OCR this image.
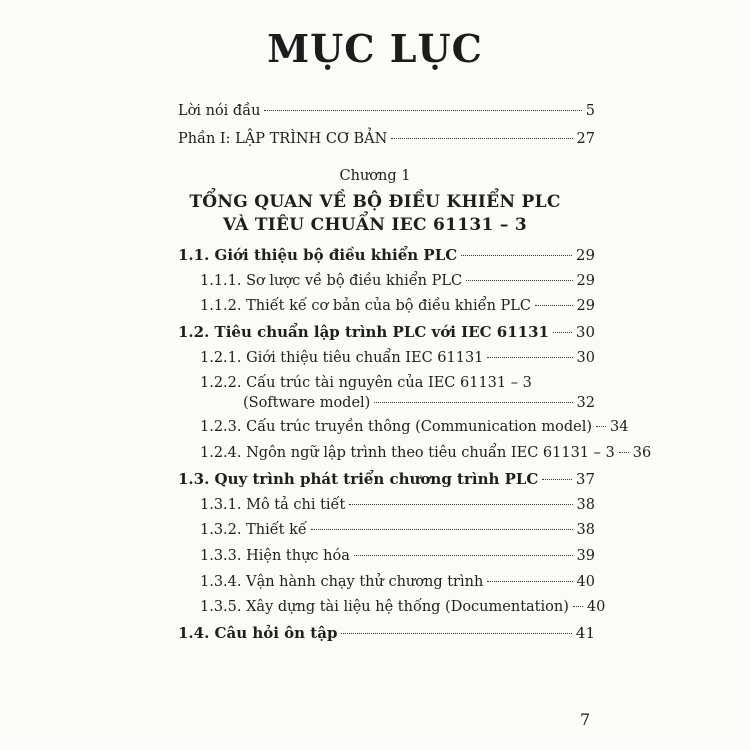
MỤC LỤC
Lời nói đầu	5
Phần I: LẬP TRÌNH CƠ BẢN	27
Chương 1
TỔNG QUAN VỀ BỘ ĐIỀU KHIỂN PLC
VÀ TIÊU CHUẨN IEC 61131 – 3
1.1. Giới thiệu bộ điều khiển PLC	29
1.1.1. Sơ lược về bộ điều khiển PLC	29
1.1.2. Thiết kế cơ bản của bộ điều khiển PLC	29
1.2. Tiêu chuẩn lập trình PLC với IEC 61131 30
1.2.1. Giới thiệu tiêu chuẩn IEC 61131	30
1.2.2. Cấu trúc tài nguyên của IEC 61131 – 3
(Software model)	32
1.2.3. Cấu trúc truyền thông (Communication model) 34
1.2.4. Ngôn ngữ lập trình theo tiêu chuẩn IEC 61131 – 3 36
1.3. Quy trình phát triển chương trình PLC	37
1.3.1. Mô tả chi tiết	38
1.3.2. Thiết kế	38
1.3.3. Hiện thực hóa	39
1.3.4. Vận hành chạy thử chương trình	40
1.3.5. Xây dựng tài liệu hệ thống (Documentation) 40
1.4. Câu hỏi ôn tập	41
7
